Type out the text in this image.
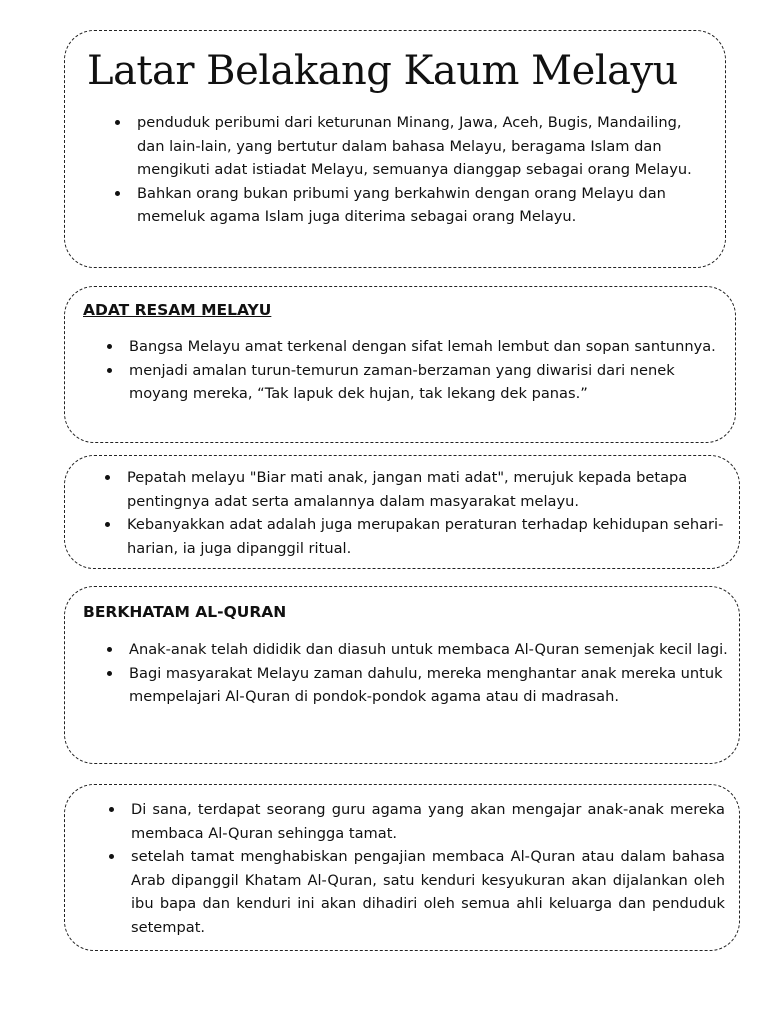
Latar Belakang Kaum Melayu
penduduk peribumi dari keturunan Minang, Jawa, Aceh, Bugis, Mandailing, dan lain-lain, yang bertutur dalam bahasa Melayu, beragama Islam dan mengikuti adat istiadat Melayu, semuanya dianggap sebagai orang Melayu.
Bahkan orang bukan pribumi yang berkahwin dengan orang Melayu dan memeluk agama Islam juga diterima sebagai orang Melayu.
ADAT RESAM MELAYU
Bangsa Melayu amat terkenal dengan sifat lemah lembut dan sopan santunnya.
menjadi amalan turun-temurun zaman-berzaman yang diwarisi dari nenek moyang mereka, “Tak lapuk dek hujan, tak lekang dek panas.”
Pepatah melayu "Biar mati anak, jangan mati adat", merujuk kepada betapa pentingnya adat serta amalannya dalam masyarakat melayu.
Kebanyakkan adat adalah juga merupakan peraturan terhadap kehidupan sehari-harian, ia juga dipanggil ritual.
BERKHATAM AL-QURAN
Anak-anak telah dididik dan diasuh untuk membaca Al-Quran semenjak kecil lagi.
Bagi masyarakat Melayu zaman dahulu, mereka menghantar anak mereka untuk mempelajari Al-Quran di pondok-pondok agama atau di madrasah.
Di sana, terdapat seorang guru agama yang akan mengajar anak-anak mereka membaca Al-Quran sehingga tamat.
setelah tamat menghabiskan pengajian membaca Al-Quran atau dalam bahasa Arab dipanggil Khatam Al-Quran, satu kenduri kesyukuran akan dijalankan oleh ibu bapa dan kenduri ini akan dihadiri oleh semua ahli keluarga dan penduduk setempat.
